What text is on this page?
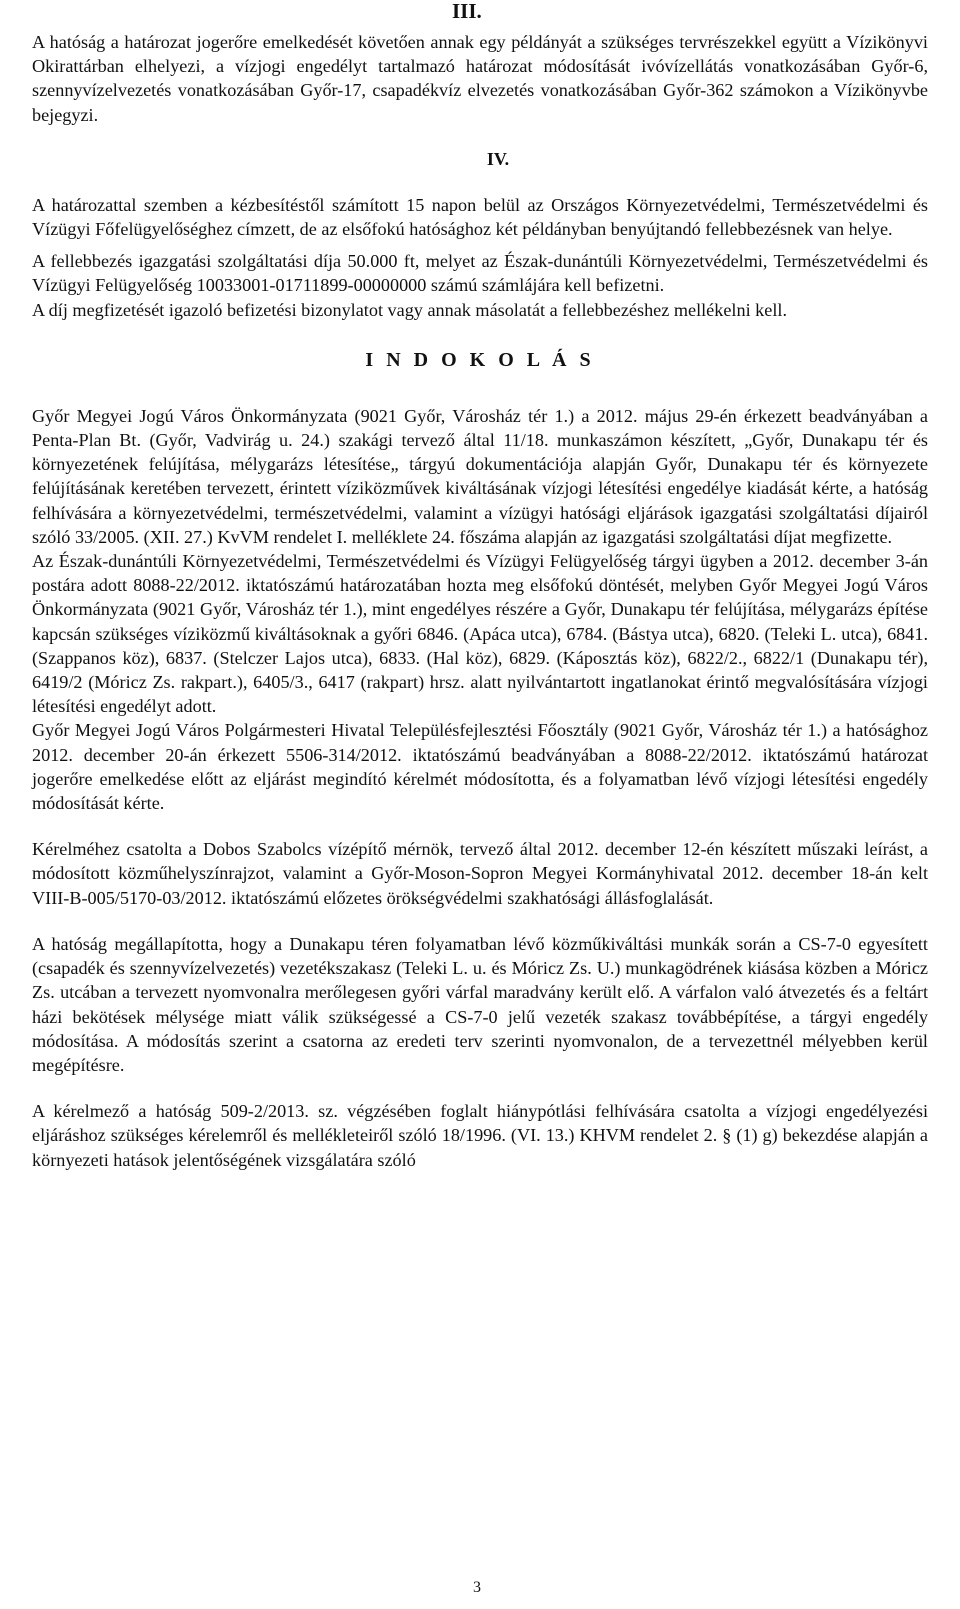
III.

A hatóság a határozat jogerőre emelkedését követően annak egy példányát a szükséges tervrészekkel együtt a Vízikönyvi Okirattárban elhelyezi, a vízjogi engedélyt tartalmazó határozat módosítását ivóvízellátás vonatkozásában Győr-6, szennyvízelvezetés vonatkozásában Győr-17, csapadékvíz elvezetés vonatkozásában Győr-362 számokon a Vízikönyvbe bejegyzi.

IV.

A határozattal szemben a kézbesítéstől számított 15 napon belül az Országos Környezetvédelmi, Természetvédelmi és Vízügyi Főfelügyelőséghez címzett, de az elsőfokú hatósághoz két példányban benyújtandó fellebbezésnek van helye.

A fellebbezés igazgatási szolgáltatási díja 50.000 ft, melyet az Észak-dunántúli Környezetvédelmi, Természetvédelmi és Vízügyi Felügyelőség 10033001-01711899-00000000 számú számlájára kell befizetni.

A díj megfizetését igazoló befizetési bizonylatot vagy annak másolatát a fellebbezéshez mellékelni kell.

I N D O K O L Á S

Győr Megyei Jogú Város Önkormányzata (9021 Győr, Városház tér 1.) a 2012. május 29-én érkezett beadványában a Penta-Plan Bt. (Győr, Vadvirág u. 24.) szakági tervező által 11/18. munkaszámon készített, „Győr, Dunakapu tér és környezetének felújítása, mélygarázs létesítése„ tárgyú dokumentációja alapján Győr, Dunakapu tér és környezete felújításának keretében tervezett, érintett víziközművek kiváltásának vízjogi létesítési engedélye kiadását kérte, a hatóság felhívására a környezetvédelmi, természetvédelmi, valamint a vízügyi hatósági eljárások igazgatási szolgáltatási díjairól szóló 33/2005. (XII. 27.) KvVM rendelet I. melléklete 24. főszáma alapján az igazgatási szolgáltatási díjat megfizette.

Az Észak-dunántúli Környezetvédelmi, Természetvédelmi és Vízügyi Felügyelőség tárgyi ügyben a 2012. december 3-án postára adott 8088-22/2012. iktatószámú határozatában hozta meg elsőfokú döntését, melyben Győr Megyei Jogú Város Önkormányzata (9021 Győr, Városház tér 1.), mint engedélyes részére a Győr, Dunakapu tér felújítása, mélygarázs építése kapcsán szükséges víziközmű kiváltásoknak a győri 6846. (Apáca utca), 6784. (Bástya utca), 6820. (Teleki L. utca), 6841. (Szappanos köz), 6837. (Stelczer Lajos utca), 6833. (Hal köz), 6829. (Káposztás köz), 6822/2., 6822/1 (Dunakapu tér), 6419/2 (Móricz Zs. rakpart.), 6405/3., 6417 (rakpart) hrsz. alatt nyilvántartott ingatlanokat érintő megvalósítására vízjogi létesítési engedélyt adott.

Győr Megyei Jogú Város Polgármesteri Hivatal Településfejlesztési Főosztály (9021 Győr, Városház tér 1.) a hatósághoz 2012. december 20-án érkezett 5506-314/2012. iktatószámú beadványában a 8088-22/2012. iktatószámú határozat jogerőre emelkedése előtt az eljárást megindító kérelmét módosította, és a folyamatban lévő vízjogi létesítési engedély módosítását kérte.

Kérelméhez csatolta a Dobos Szabolcs vízépítő mérnök, tervező által 2012. december 12-én készített műszaki leírást, a módosított közműhelyszínrajzot, valamint a Győr-Moson-Sopron Megyei Kormányhivatal 2012. december 18-án kelt VIII-B-005/5170-03/2012. iktatószámú előzetes örökségvédelmi szakhatósági állásfoglalását.

A hatóság megállapította, hogy a Dunakapu téren folyamatban lévő közműkiváltási munkák során a CS-7-0 egyesített (csapadék és szennyvízelvezetés) vezetékszakasz (Teleki L. u. és Móricz Zs. U.) munkagödrének kiásása közben a Móricz Zs. utcában a tervezett nyomvonalra merőlegesen győri várfal maradvány került elő. A várfalon való átvezetés és a feltárt házi bekötések mélysége miatt válik szükségessé a CS-7-0 jelű vezeték szakasz továbbépítése, a tárgyi engedély módosítása. A módosítás szerint a csatorna az eredeti terv szerinti nyomvonalon, de a tervezettnél mélyebben kerül megépítésre.

A kérelmező a hatóság 509-2/2013. sz. végzésében foglalt hiánypótlási felhívására csatolta a vízjogi engedélyezési eljáráshoz szükséges kérelemről és mellékleteiről szóló 18/1996. (VI. 13.) KHVM rendelet 2. § (1) g) bekezdése alapján a környezeti hatások jelentőségének vizsgálatára szóló

3
